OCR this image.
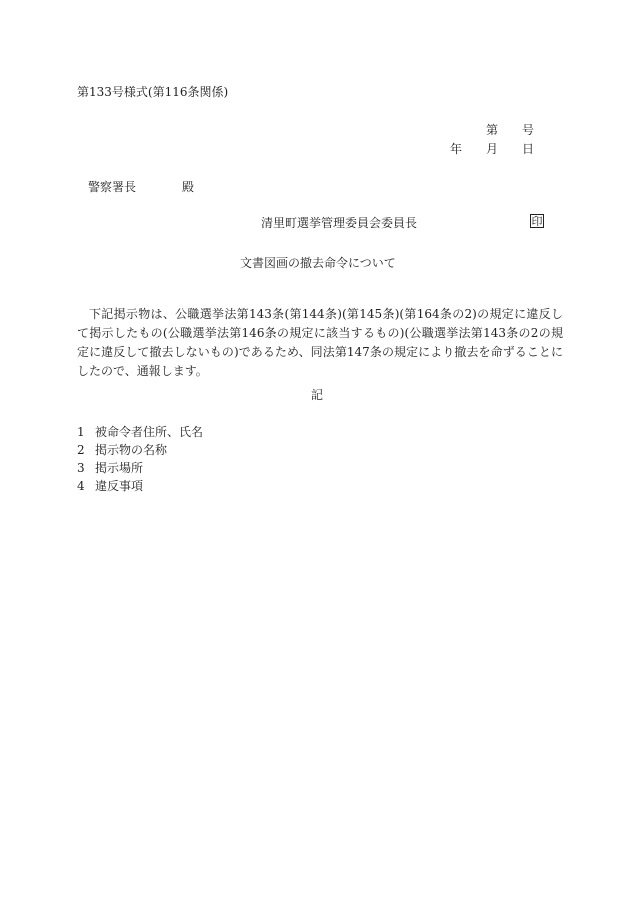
第133号様式(第116条関係)
第 号
年 月 日
警察署長	殿
清里町選挙管理委員会委員長	印
文書図画の撤去命令について

下記掲示物は、公職選挙法第143条(第144条)(第145条)(第164条の2)の規定に違反して掲示したもの(公職選挙法第146条の規定に該当するもの)(公職選挙法第143条の2の規定に違反して撤去しないもの)であるため、同法第147条の規定により撤去を命ずることにしたので、通報します。

記
1 被命令者住所、氏名
2 掲示物の名称
3 掲示場所
4 違反事項
